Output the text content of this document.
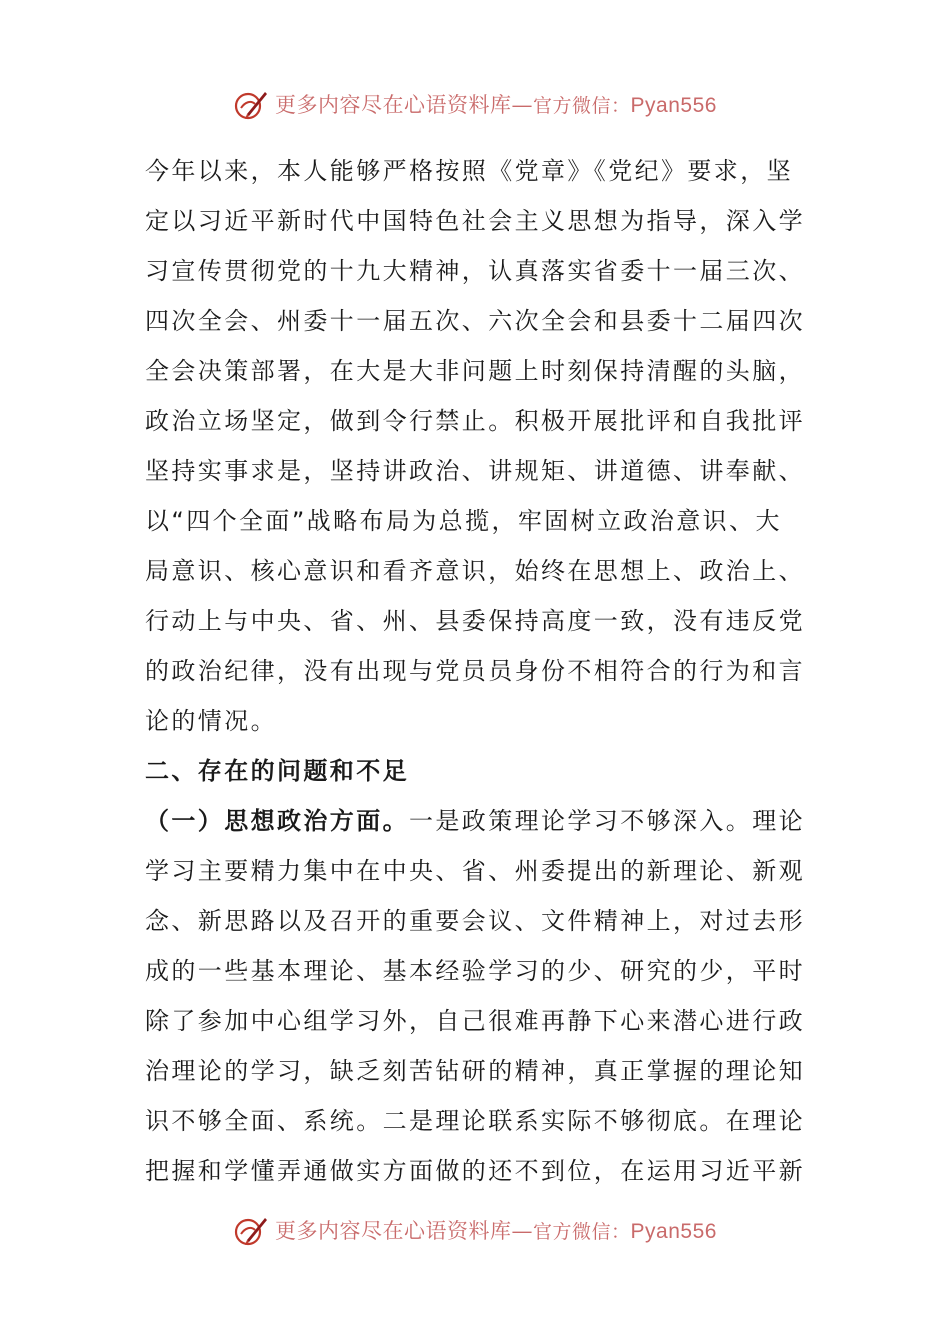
更多内容尽在心语资料库—官方微信：Pyan556
今年以来，本人能够严格按照《党章》《党纪》要求，坚
定以习近平新时代中国特色社会主义思想为指导，深入学
习宣传贯彻党的十九大精神，认真落实省委十一届三次、
四次全会、州委十一届五次、六次全会和县委十二届四次
全会决策部署，在大是大非问题上时刻保持清醒的头脑，
政治立场坚定，做到令行禁止。积极开展批评和自我批评
坚持实事求是，坚持讲政治、讲规矩、讲道德、讲奉献、
以“四个全面”战略布局为总揽，牢固树立政治意识、大
局意识、核心意识和看齐意识，始终在思想上、政治上、
行动上与中央、省、州、县委保持高度一致，没有违反党
的政治纪律，没有出现与党员员身份不相符合的行为和言
论的情况。
二、存在的问题和不足
（一）思想政治方面。一是政策理论学习不够深入。理论
学习主要精力集中在中央、省、州委提出的新理论、新观
念、新思路以及召开的重要会议、文件精神上，对过去形
成的一些基本理论、基本经验学习的少、研究的少，平时
除了参加中心组学习外，自己很难再静下心来潜心进行政
治理论的学习，缺乏刻苦钻研的精神，真正掌握的理论知
识不够全面、系统。二是理论联系实际不够彻底。在理论
把握和学懂弄通做实方面做的还不到位，在运用习近平新
更多内容尽在心语资料库—官方微信：Pyan556
